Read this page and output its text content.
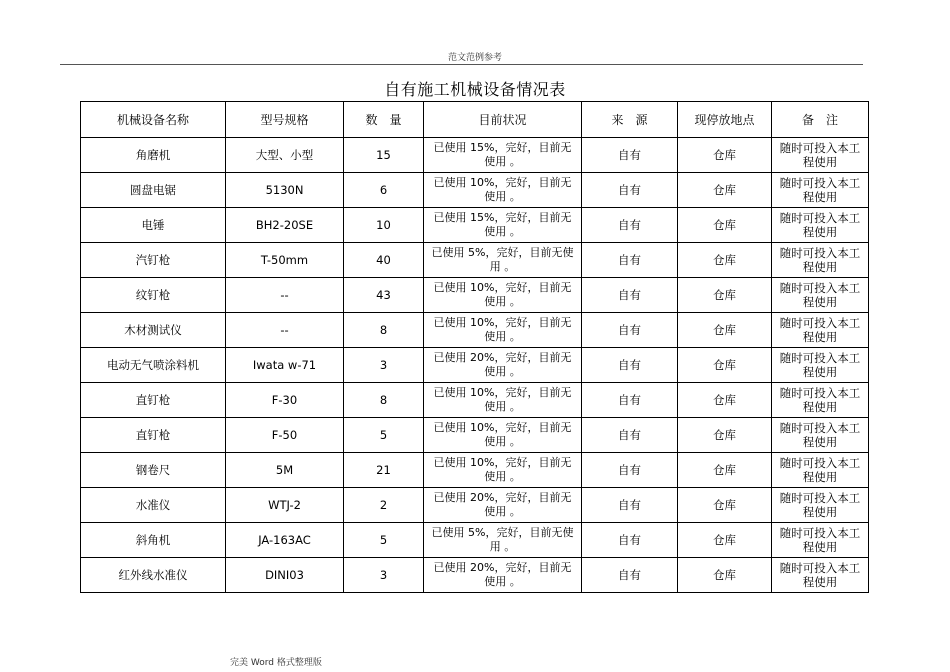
范文范例参考
自有施工机械设备情况表
机械设备名称	型号规格	数　量	目前状况	来　源	现停放地点	备　注
角磨机	大型、小型	15	已使用 15%，完好，目前无使用 。	自有	仓库	随时可投入本工程使用
圆盘电锯	5130N	6	已使用 10%，完好，目前无使用 。	自有	仓库	随时可投入本工程使用
电锤	BH2-20SE	10	已使用 15%，完好，目前无使用 。	自有	仓库	随时可投入本工程使用
汽钉枪	T-50mm	40	已使用 5%，完好，目前无使用 。	自有	仓库	随时可投入本工程使用
纹钉枪	--	43	已使用 10%，完好，目前无使用 。	自有	仓库	随时可投入本工程使用
木材测试仪	--	8	已使用 10%，完好，目前无使用 。	自有	仓库	随时可投入本工程使用
电动无气喷涂料机	Iwata w-71	3	已使用 20%，完好，目前无使用 。	自有	仓库	随时可投入本工程使用
直钉枪	F-30	8	已使用 10%，完好，目前无使用 。	自有	仓库	随时可投入本工程使用
直钉枪	F-50	5	已使用 10%，完好，目前无使用 。	自有	仓库	随时可投入本工程使用
钢卷尺	5M	21	已使用 10%，完好，目前无使用 。	自有	仓库	随时可投入本工程使用
水准仪	WTJ-2	2	已使用 20%，完好，目前无使用 。	自有	仓库	随时可投入本工程使用
斜角机	JA-163AC	5	已使用 5%，完好，目前无使用 。	自有	仓库	随时可投入本工程使用
红外线水准仪	DINI03	3	已使用 20%，完好，目前无使用 。	自有	仓库	随时可投入本工程使用
完美 Word 格式整理版
